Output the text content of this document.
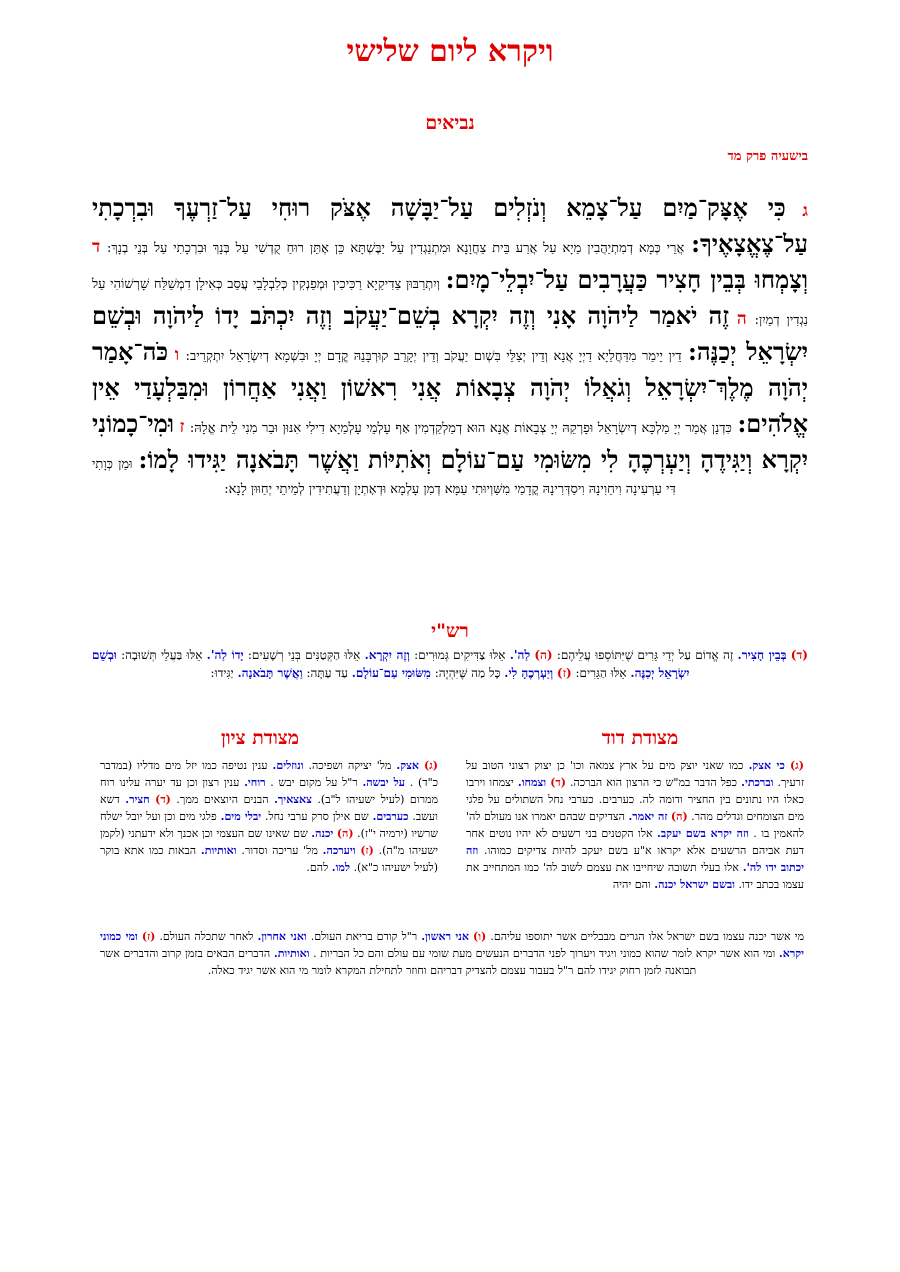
ויקרא ליום שלישי
נביאים
בישעיה פרק מד

ג כִּי אֶצָּק־מַיִם עַל־צָמֵא וְנֹזְלִים עַל־יַבָּשָׁה אֶצֹּק רוּחִי עַל־זַרְעֶךָ וּבִרְכָתִי עַל־צֶאֱצָאֶיךָ: אֲרֵי כְּמָא דְמִתְיַהֲבִין מַיָא עַל אֲרַע בֵּית צַחֲוָנָא וּמִתְנַגְדִין עַל יַבֶּשְׁתָּא כֵּן אֶתֵּן רוּחַ קֻדְשִׁי עַל בְּנָךְ וּבִרְכָתִי עַל בְּנֵי בְנָךְ: ד וְצָמְחוּ בְּבֵין חָצִיר כַּעֲרָבִים עַל־יִבְלֵי־מָיִם: וְיִתְרַבּוּן צַדִיקַיָא רַכִּיכִין וּמְפַנְקִין כְּלִבְלָבֵי עֲסַב כְּאִילָן דִמְשַׁלַּח שָׁרְשׁוֹהִי עַל נַגְדִין דְמַיִן: ה זֶה יֹאמַר לַיהֹוָה אָנִי וְזֶה יִקְרָא בְשֵׁם־יַעֲקֹב וְזֶה יִכְתֹּב יָדוֹ לַיהֹוָה וּבְשֵׁם יִשְׂרָאֵל יְכַנֶּה: דֵין יֵימַר מִדַּחֲלַיָא דַיְיָ אֲנָא וְדֵין יְצַלֵּי בִּשְׁום יַעֲקֹב וְדֵין יְקָרֵב קוּרְבָּנֵהּ קֳדָם יְיָ וּבִשְׁמָא דְיִשְׂרָאֵל יִתְקְרֵיב: ו כֹּה־אָמַר יְהֹוָה מֶלֶךְ־יִשְׂרָאֵל וְגֹאֲלוֹ יְהֹוָה צְבָאוֹת אֲנִי רִאשׁוֹן וַאֲנִי אַחֲרוֹן וּמִבַּלְעָדַי אֵין אֱלֹהִים: כִּדְנָן אֲמַר יְיָ מַלְכָּא דְיִשְׂרָאֵל וּפָרְקֵהּ יְיָ צְבָאוֹת אֲנָא הוּא דְמַלְקַדְמִין אַף עָלְמֵי עָלְמַיָא דִילִי אִנּוּן וּבַר מִנִי לֵית אֱלָהּ: ז וּמִי־כָמוֹנִי יִקְרָא וְיַגִּידֶהָ וְיַעְרְכֶהָ לִי מִשּׂוּמִי עַם־עוֹלָם וְאֹתִיּוֹת וַאֲשֶׁר תָּבֹאנָה יַגִּידוּ לָמוֹ: וּמַן כְּוָתִי דִּי עַרְעִינָה וִיחַוִינָהּ וִיסַדְּרִינָהּ קֳדָמַי מִשַּׁוְיוּתִי עַמָּא דְמִן עָלְמָא וּדְאָתְיָן וְדַעֲתִידִין לְמֵיתֵי יְחַוּוּן לָנָא:

רש"י
(ד) בְּבֵין חָצִיר. זֶה אֱדוֹם עַל יְדֵי גֵּרִים שֶׁיִּתּוֹסְפוּ עֲלֵיהֶם: (ה) לַה'. אֵלּוּ צַדִּיקִים גְּמוּרִים: וְזֶה יִקְרָא. אֵלּוּ הַקְּטַנִּים בְּנֵי רְשָׁעִים: יָדוֹ לַה'. אֵלּוּ בַּעֲלֵי תְּשׁוּבָה: וּבְשֵׁם יִשְׂרָאֵל יְכַנֶּה. אֵלּוּ הַגֵּרִים: (ז) וְיַעְרְכֶהָ לִי. כָּל מַה שֶּׁיִּהְיֶה: מִשּׂוּמִי עַם־עוֹלָם. עַד עַתָּה: וַאֲשֶׁר תָּבֹאנָה. יַגִּידוּ:
מצודת ציון	מצודת דוד
(ג) כי אצק. כמו שאני יוצק מים על ארץ צמאה וכו' כן יצוק רצוני הטוב על זרעיך. וברכתי. כפל הדבר במ"ש כי הרצון הוא הברכה. (ד) וצמחו. יצמחו וירבו כאלו היו נתונים בין החציר ודומה לה. כערבים. כערבי נחל השתולים על פלגי מים הצומחים וגדלים מהר. (ה) זה יאמר. הצדיקים שבהם יאמרו אנו מעולם לה' להאמין בו . וזה יקרא בשם יעקב. אלו הקטנים בני רשעים לא יהיו נוטים אחר דעת אביהם הרשעים אלא יקראו א"ע בשם יעקב להיות צדיקים כמוהו. וזה יכתוב ידו לה'. אלו בעלי תשובה שיחייבו את עצמם לשוב לה' כמו המתחייב את עצמו בכתב ידו. ובשם ישראל יכנה. והם יהיה
(ג) אצק. מל' יציקה ושפיכה. ונוזלים. ענין נטיפה כמו יזל מים מדליו (במדבר כ"ד) . על יבשה. ר"ל על מקום יבש . רוחי. ענין רצון וכן עד יערה עלינו רוח ממרום (לעיל ישעיהו ל"ב). צאצאיך. הבנים היוצאים ממך. (ד) חציר. דשא ועשב. כערבים. שם אילן סרק ערבי נחל. יבלי מים. פלגי מים וכן ועל יובל ישלח שרשיו (ירמיה י"ז). (ה) יכנה. שם שאינו שם העצמי וכן אכנך ולא ידעתני (לקמן ישעיהו מ"ה). (ז) ויערכה. מל' עריכה וסדור. ואותיות. הבאות כמו אתא בוקר (לעיל ישעיהו כ"א). למו. להם.
מי אשר יכנה עצמו בשם ישראל אלו הגרים מבבליים אשר יתוספו עליהם. (ו) אני ראשון. ר"ל קודם בריאת העולם. ואני אחרון. לאחר שתכלה העולם. (ז) ומי כמוני יקרא. ומי הוא אשר יקרא לומר שהוא כמוני ויגיד ויערוך לפני הדברים הנעשים מעת שומי עם עולם והם כל הבריות . ואותיות. הדברים הבאים בזמן קרוב והדברים אשר תבואנה לזמן רחוק יגידו להם ר"ל בעבור עצמם להצדיק דבריהם וחוזר לתחילת המקרא לומר מי הוא אשר יגיד כאלה.
